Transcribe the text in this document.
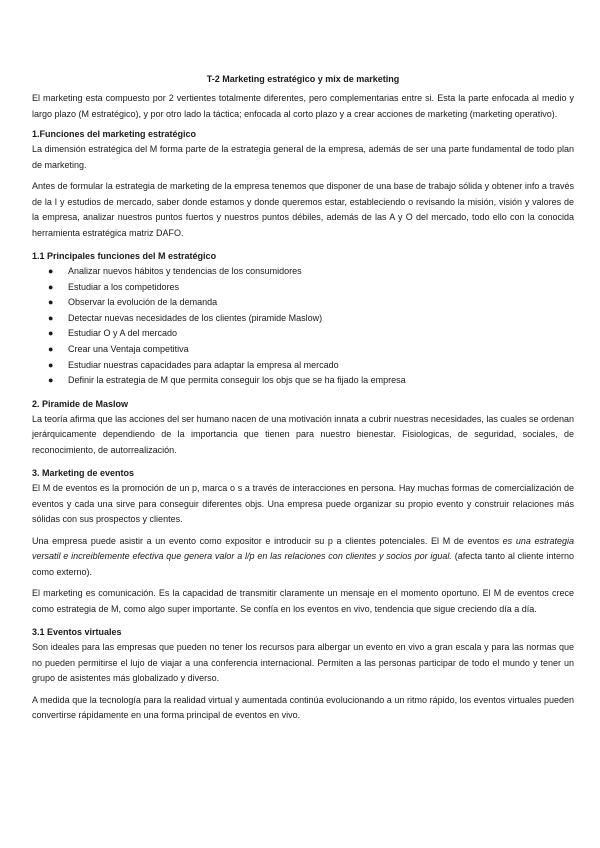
T-2 Marketing estratégico y mix de marketing

El marketing esta compuesto por 2 vertientes totalmente diferentes, pero complementarias entre si. Esta la parte enfocada al medio y largo plazo (M estratégico), y por otro lado la táctica; enfocada al corto plazo y a crear acciones de marketing (marketing operativo).

1.Funciones del marketing estratégico

La dimensión estratégica del M forma parte de la estrategia general de la empresa, además de ser una parte fundamental de todo plan de marketing.

Antes de formular la estrategia de marketing de la empresa tenemos que disponer de una base de trabajo sólida y obtener info a través de la I y estudios de mercado, saber donde estamos y donde queremos estar, estableciendo o revisando la misión, visión y valores de la empresa, analizar nuestros puntos fuertos y nuestros puntos débiles, además de las A y O del mercado, todo ello con la conocida herramienta estratégica matriz DAFO.

1.1 Principales funciones del M estratégico
● Analizar nuevos hábitos y tendencias de los consumidores
● Estudiar a los competidores
● Observar la evolución de la demanda
● Detectar nuevas necesidades de los clientes (piramide Maslow)
● Estudiar O y A del mercado
● Crear una Ventaja competitiva
● Estudiar nuestras capacidades para adaptar la empresa al mercado
● Definir la estrategia de M que permita conseguir los objs que se ha fijado la empresa
2. Piramide de Maslow

La teoría afirma que las acciones del ser humano nacen de una motivación innata a cubrir nuestras necesidades, las cuales se ordenan jerárquicamente dependiendo de la importancia que tienen para nuestro bienestar. Fisiologicas, de seguridad, sociales, de reconocimiento, de autorrealización.

3. Marketing de eventos

El M de eventos es la promoción de un p, marca o s a través de interacciones en persona. Hay muchas formas de comercialización de eventos y cada una sirve para conseguir diferentes objs. Una empresa puede organizar su propio evento y construir relaciones más sólidas con sus prospectos y clientes.

Una empresa puede asistir a un evento como expositor e introducir su p a clientes potenciales. El M de eventos es una estrategia versatil e increiblemente efectiva que genera valor a l/p en las relaciones con clientes y socios por igual. (afecta tanto al cliente interno como externo).

El marketing es comunicación. Es la capacidad de transmitir claramente un mensaje en el momento oportuno. El M de eventos crece como estrategia de M, como algo super importante. Se confía en los eventos en vivo, tendencia que sigue creciendo día a día.

3.1 Eventos virtuales

Son ideales para las empresas que pueden no tener los recursos para albergar un evento en vivo a gran escala y para las normas que no pueden permitirse el lujo de viajar a una conferencia internacional. Permiten a las personas participar de todo el mundo y tener un grupo de asistentes más globalizado y diverso.

A medida que la tecnología para la realidad virtual y aumentada continúa evolucionando a un ritmo rápido, los eventos virtuales pueden convertirse rápidamente en una forma principal de eventos en vivo.
